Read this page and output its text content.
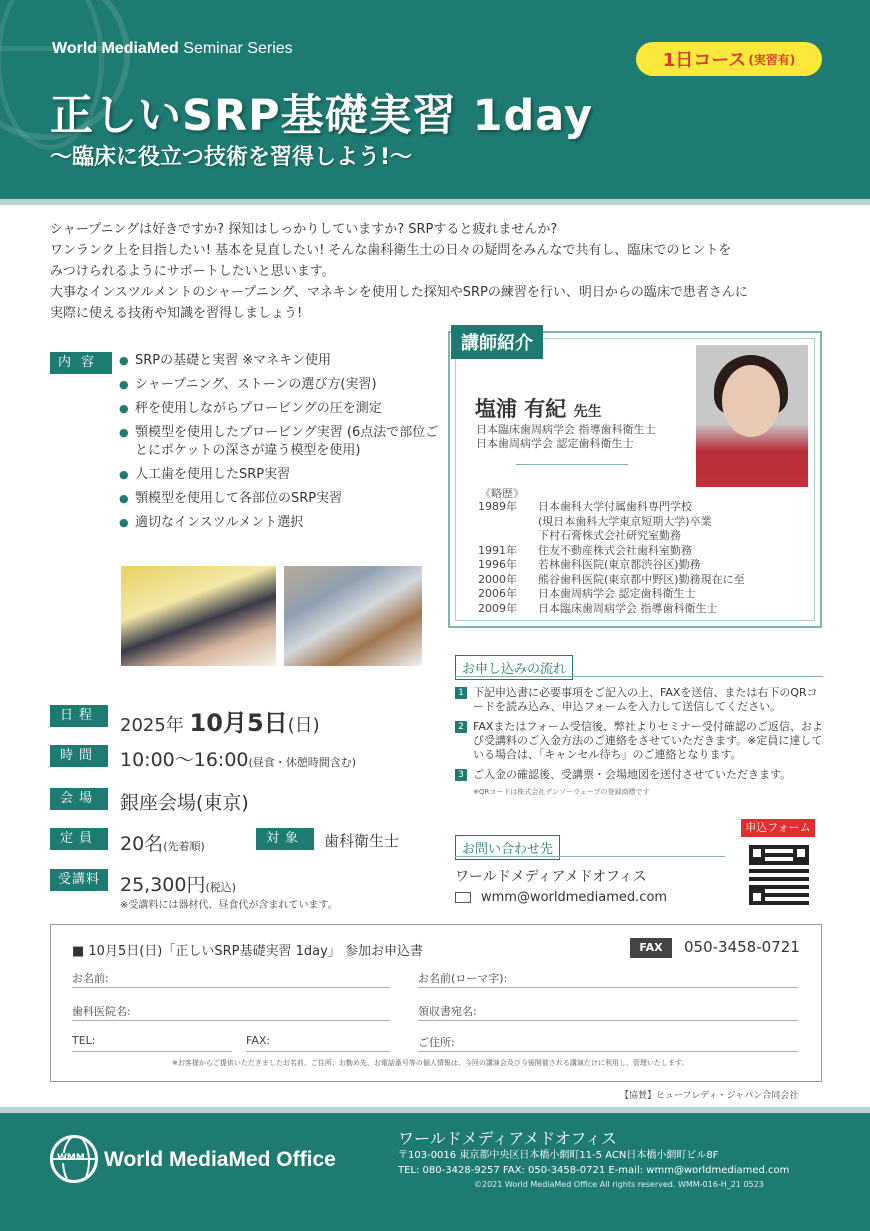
World MediaMed Seminar Series
1日コース (実習有)
正しいSRP基礎実習 1day
〜臨床に役立つ技術を習得しよう!〜
シャープニングは好きですか? 探知はしっかりしていますか? SRPすると疲れませんか?
ワンランク上を目指したい! 基本を見直したい! そんな歯科衛生士の日々の疑問をみんなで共有し、臨床でのヒントを
みつけられるようにサポートしたいと思います。
大事なインスツルメントのシャープニング、マネキンを使用した探知やSRPの練習を行い、明日からの臨床で患者さんに
実際に使える技術や知識を習得しましょう!
内容
●	SRPの基礎と実習 ※マネキン使用
● シャープニング、ストーンの選び方(実習)
● 秤を使用しながらプロービングの圧を測定
● 顎模型を使用したプロービング実習 (6点法で部位ごとにポケットの深さが違う模型を使用)
● 人工歯を使用したSRP実習
● 顎模型を使用して各部位のSRP実習
● 適切なインスツルメント選択
講師紹介
塩浦 有紀 先生
日本臨床歯周病学会 指導歯科衛生士
日本歯周病学会 認定歯科衛生士
《略歴》
1989年	日本歯科大学付属歯科専門学校
(現日本歯科大学東京短期大学)卒業
下村石膏株式会社研究室勤務
1991年	住友不動産株式会社歯科室勤務
1996年	若林歯科医院(東京都渋谷区)勤務
2000年	熊谷歯科医院(東京都中野区)勤務現在に至
2006年	日本歯周病学会 認定歯科衛生士
2009年	日本臨床歯周病学会 指導歯科衛生士
日程	2025年 10月5日(日)
時間	10:00〜16:00(昼食・休憩時間含む)
会場	銀座会場(東京)
定員	20名(先着順)
対象	歯科衛生士
受講料	25,300円(税込)
※受講料には器材代、昼食代が含まれています。
お申し込みの流れ
1 下記申込書に必要事項をご記入の上、FAXを送信、または右下のQRコードを読み込み、申込フォームを入力して送信してください。
2 FAXまたはフォーム受信後、弊社よりセミナー受付確認のご返信、および受講料のご入金方法のご連絡をさせていただきます。※定員に達している場合は、「キャンセル待ち」のご連絡となります。
3 ご入金の確認後、受講票・会場地図を送付させていただきます。
※QRコードは株式会社デンソーウェーブの登録商標です
お問い合わせ先
ワールドメディアメドオフィス
wmm@worldmediamed.com
申込フォーム
■ 10月5日(日)「正しいSRP基礎実習 1day」 参加お申込書	FAX	050-3458-0721
お名前:	お名前(ローマ字):
歯科医院名:	領収書宛名:
TEL:	FAX:	ご住所:
※お客様からご提供いただきましたお名前、ご住所、お勤め先、お電話番号等の個人情報は、今回の講演会及び今後開催される講演だけに利用し、管理いたします。
【協賛】ヒューフレディ・ジャパン合同会社
WMM World MediaMed Office
ワールドメディアメドオフィス
〒103-0016 東京都中央区日本橋小網町11-5 ACN日本橋小網町ビル8F
TEL: 080-3428-9257 FAX: 050-3458-0721 E-mail: wmm@worldmediamed.com
©2021 World MediaMed Office All rights reserved. WMM-016-H_21 0523
